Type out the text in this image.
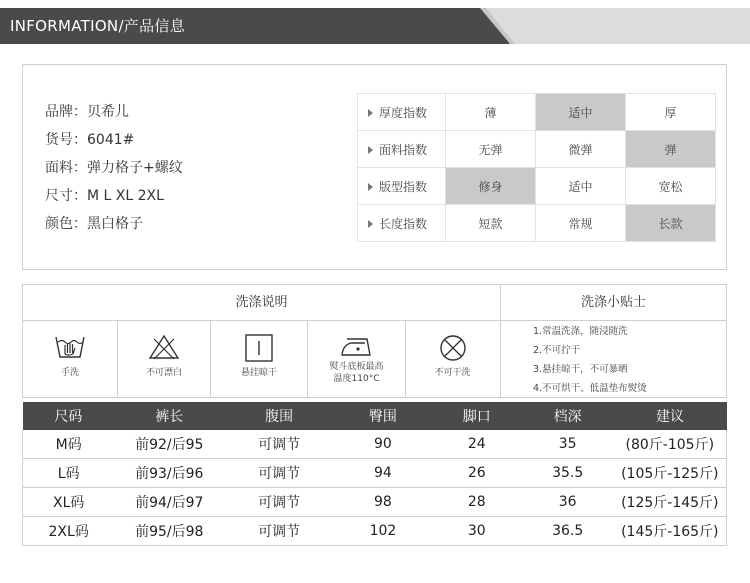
INFORMATION/产品信息
品牌：贝希儿
货号：6041#
面料：弹力格子+螺纹
尺寸：M L XL 2XL
颜色：黑白格子
厚度指数	薄	适中	厚
面料指数	无弹	微弹	弹
版型指数	修身	适中	宽松
长度指数	短款	常规	长款
洗涤说明	洗涤小贴士
手洗	不可漂白	悬挂晾干
熨斗底板最高
温度110°C
不可干洗
1.常温洗涤，随浸随洗
2.不可拧干
3.悬挂晾干，不可暴晒
4.不可烘干、低温垫布熨烫
尺码	裤长	腹围	臀围	脚口	档深	建议
M码	前92/后95	可调节	90	24	35	(80斤-105斤)
L码	前93/后96	可调节	94	26	35.5	(105斤-125斤)
XL码	前94/后97	可调节	98	28	36	(125斤-145斤)
2XL码	前95/后98	可调节	102	30	36.5	(145斤-165斤)
